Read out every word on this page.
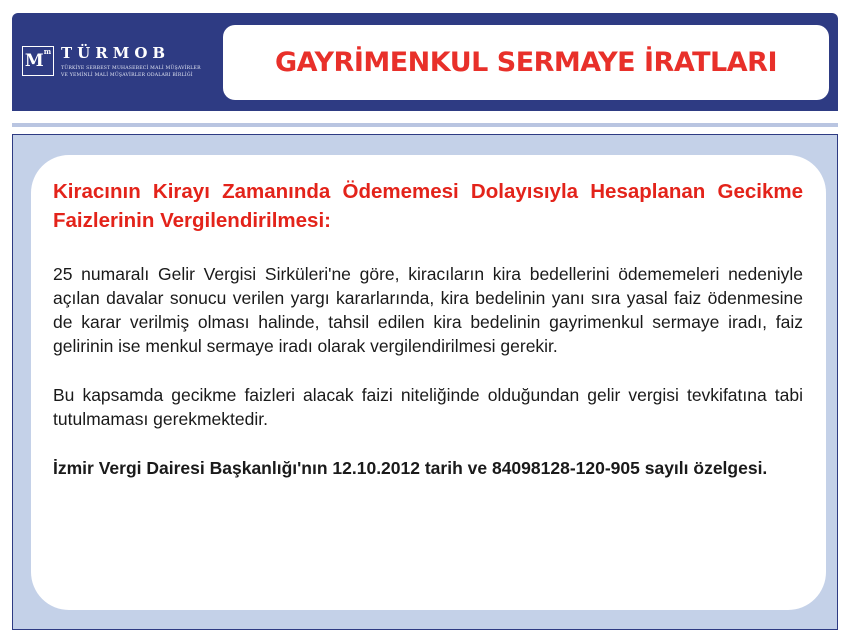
$M^m$ TÜRMOB
TÜRKİYE SERBEST MUHASEBECİ MALİ MÜŞAVİRLER
VE YEMİNLİ MALİ MÜŞAVİRLER ODALARI BİRLİĞİ	GAYRİMENKUL SERMAYE İRATLARI

Kiracının Kirayı Zamanında Ödememesi Dolayısıyla Hesaplanan Gecikme Faizlerinin Vergilendirilmesi:

25 numaralı Gelir Vergisi Sirküleri'ne göre, kiracıların kira bedellerini ödememeleri nedeniyle açılan davalar sonucu verilen yargı kararlarında, kira bedelinin yanı sıra yasal faiz ödenmesine de karar verilmiş olması halinde, tahsil edilen kira bedelinin gayrimenkul sermaye iradı, faiz gelirinin ise menkul sermaye iradı olarak vergilendirilmesi gerekir.

Bu kapsamda gecikme faizleri alacak faizi niteliğinde olduğundan gelir vergisi tevkifatına tabi tutulmaması gerekmektedir.

İzmir Vergi Dairesi Başkanlığı'nın 12.10.2012 tarih ve 84098128-120-905 sayılı özelgesi.
